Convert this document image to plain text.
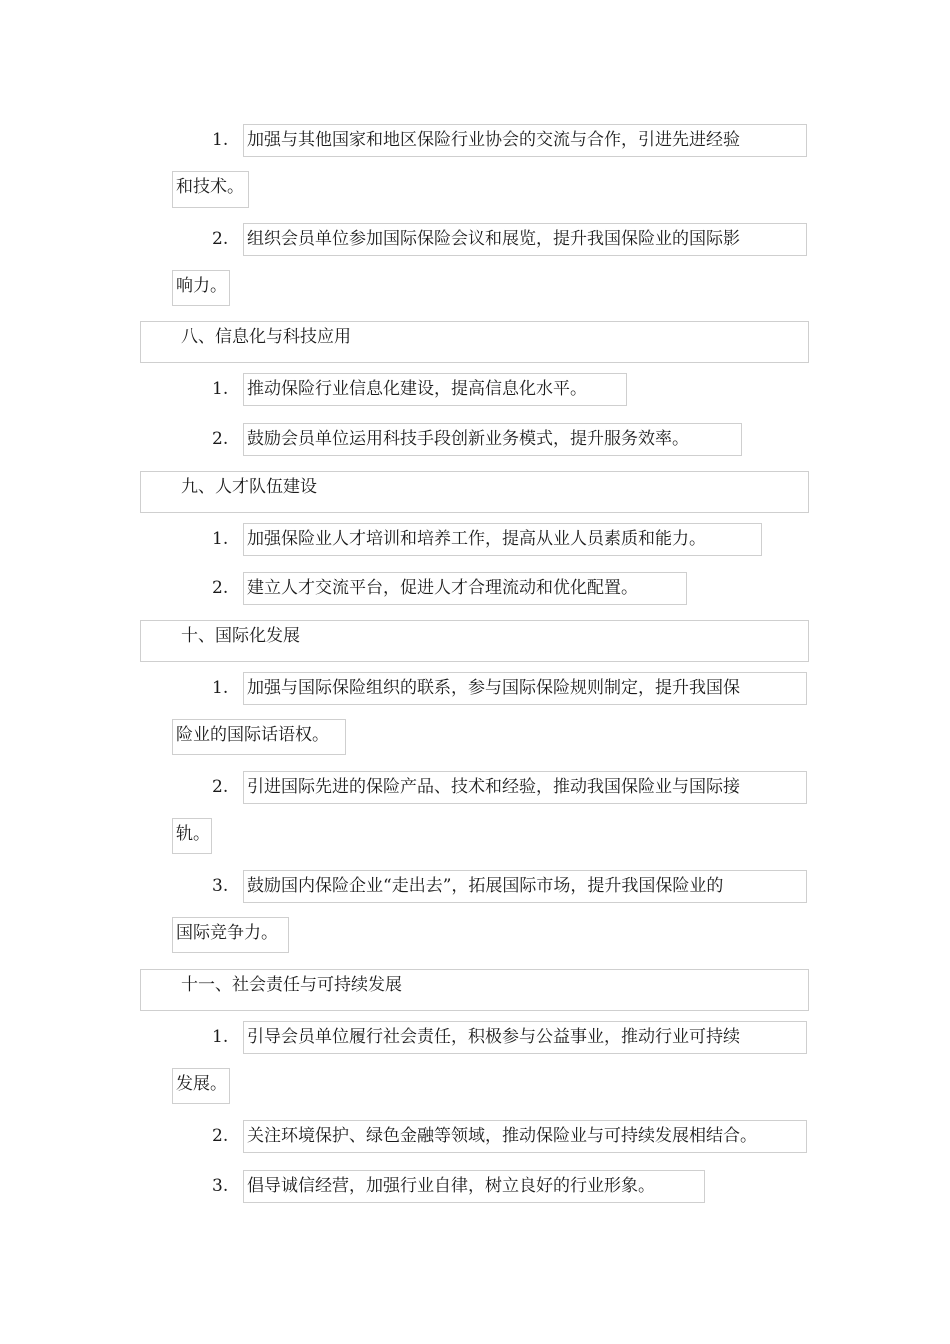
1. 加强与其他国家和地区保险行业协会的交流与合作，引进先进经验
和技术。
2. 组织会员单位参加国际保险会议和展览，提升我国保险业的国际影
响力。
八、信息化与科技应用
1. 推动保险行业信息化建设，提高信息化水平。
2. 鼓励会员单位运用科技手段创新业务模式，提升服务效率。
九、人才队伍建设
1. 加强保险业人才培训和培养工作，提高从业人员素质和能力。
2. 建立人才交流平台，促进人才合理流动和优化配置。
十、国际化发展
1. 加强与国际保险组织的联系，参与国际保险规则制定，提升我国保
险业的国际话语权。
2. 引进国际先进的保险产品、技术和经验，推动我国保险业与国际接
轨。
3. 鼓励国内保险企业“走出去”，拓展国际市场，提升我国保险业的
国际竞争力。
十一、社会责任与可持续发展
1. 引导会员单位履行社会责任，积极参与公益事业，推动行业可持续
发展。
2. 关注环境保护、绿色金融等领域，推动保险业与可持续发展相结合。
3. 倡导诚信经营，加强行业自律，树立良好的行业形象。
